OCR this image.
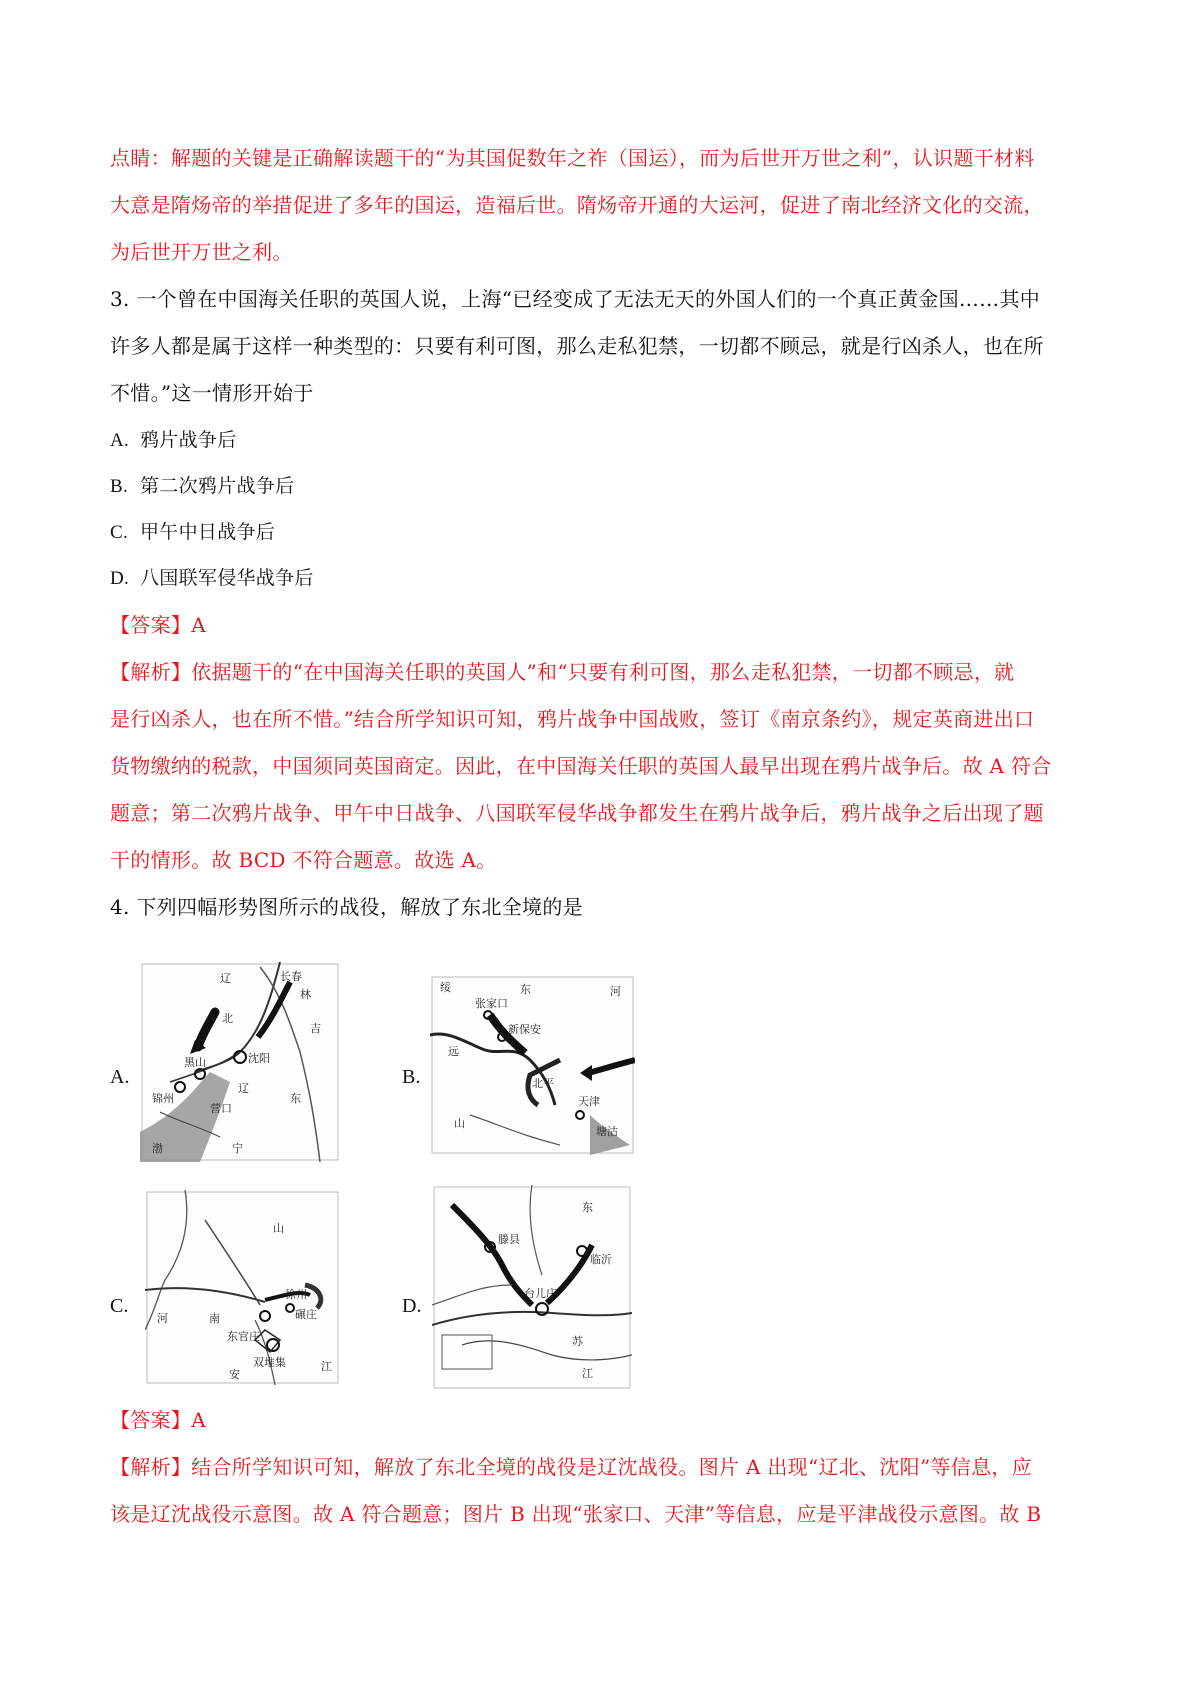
点睛：解题的关键是正确解读题干的“为其国促数年之祚（国运），而为后世开万世之利”，认识题干材料
大意是隋炀帝的举措促进了多年的国运，造福后世。隋炀帝开通的大运河，促进了南北经济文化的交流，
为后世开万世之利。
3. 一个曾在中国海关任职的英国人说，上海“已经变成了无法无天的外国人们的一个真正黄金国……其中
许多人都是属于这样一种类型的：只要有利可图，那么走私犯禁，一切都不顾忌，就是行凶杀人，也在所
不惜。”这一情形开始于
A. 鸦片战争后
B. 第二次鸦片战争后
C. 甲午中日战争后
D. 八国联军侵华战争后
【答案】A
【解析】依据题干的“在中国海关任职的英国人”和“只要有利可图，那么走私犯禁，一切都不顾忌，就
是行凶杀人，也在所不惜。”结合所学知识可知，鸦片战争中国战败，签订《南京条约》，规定英商进出口
货物缴纳的税款，中国须同英国商定。因此，在中国海关任职的英国人最早出现在鸦片战争后。故 A 符合
题意；第二次鸦片战争、甲午中日战争、八国联军侵华战争都发生在鸦片战争后，鸦片战争之后出现了题
干的情形。故 BCD 不符合题意。故选 A。
4. 下列四幅形势图所示的战役，解放了东北全境的是
A.
辽	长春
林
北
吉
锦州
黑山	沈阳
辽
东
营口
渤	宁
B.
绥	东	河
张家口
新保安
远
北平
山
天津
塘沽
C.
山
河	南
徐州
碾庄
东官庄
双堆集
安
江
D.
东
滕县
临沂
台儿庄
苏
江
【答案】A
【解析】结合所学知识可知，解放了东北全境的战役是辽沈战役。图片 A 出现“辽北、沈阳”等信息，应
该是辽沈战役示意图。故 A 符合题意；图片 B 出现“张家口、天津”等信息，应是平津战役示意图。故 B
